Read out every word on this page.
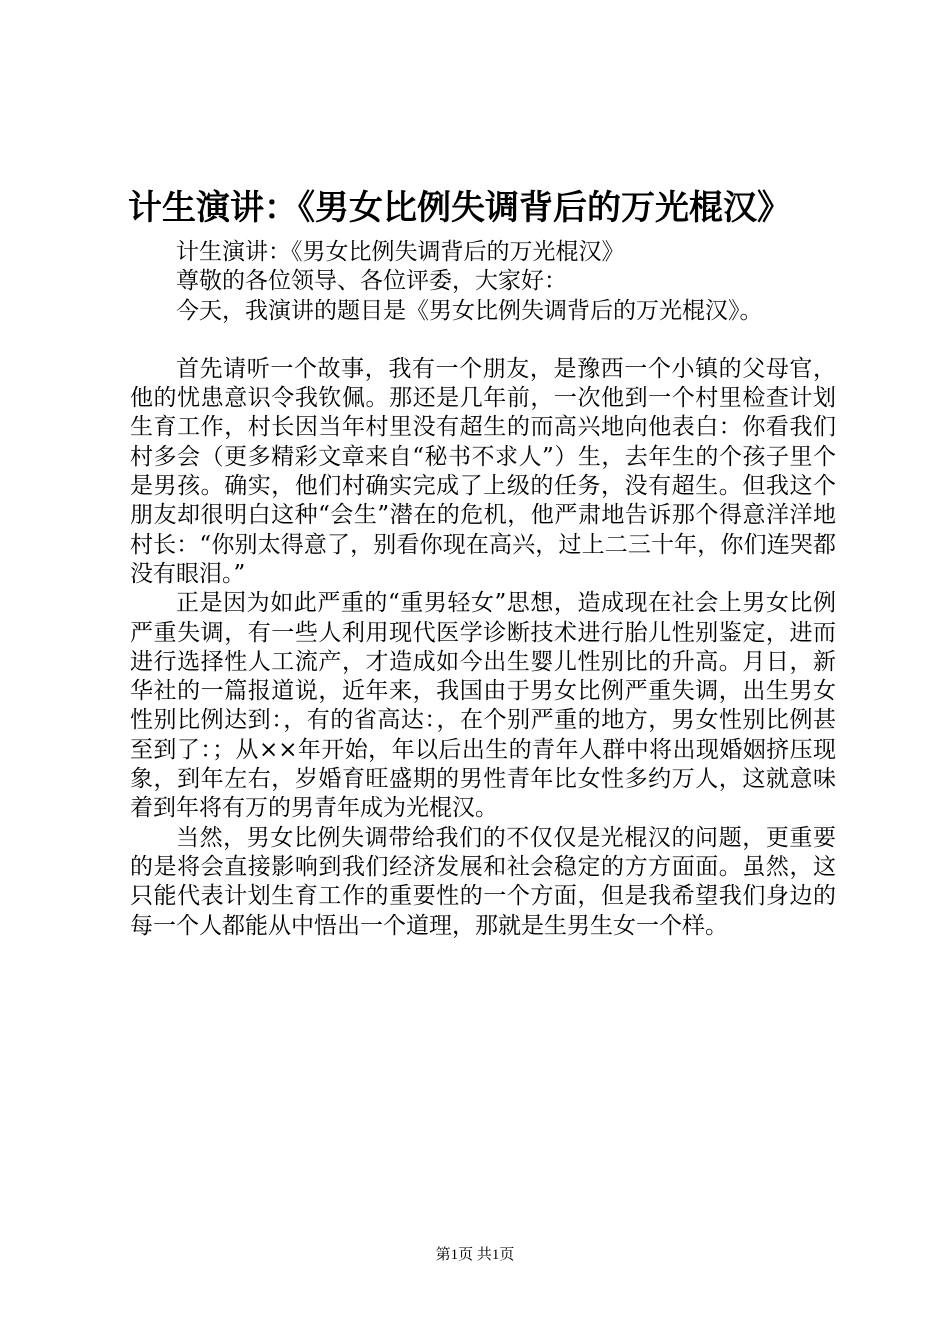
计生演讲：《男女比例失调背后的万光棍汉》

计生演讲：《男女比例失调背后的万光棍汉》

尊敬的各位领导、各位评委，大家好：

今天，我演讲的题目是《男女比例失调背后的万光棍汉》。

首先请听一个故事，我有一个朋友，是豫西一个小镇的父母官，他的忧患意识令我钦佩。那还是几年前，一次他到一个村里检查计划生育工作，村长因当年村里没有超生的而高兴地向他表白：你看我们村多会（更多精彩文章来自“秘书不求人”）生，去年生的个孩子里个是男孩。确实，他们村确实完成了上级的任务，没有超生。但我这个朋友却很明白这种“会生”潜在的危机，他严肃地告诉那个得意洋洋地村长：“你别太得意了，别看你现在高兴，过上二三十年，你们连哭都没有眼泪。”

正是因为如此严重的“重男轻女”思想，造成现在社会上男女比例严重失调，有一些人利用现代医学诊断技术进行胎儿性别鉴定，进而进行选择性人工流产，才造成如今出生婴儿性别比的升高。月日，新华社的一篇报道说，近年来，我国由于男女比例严重失调，出生男女性别比例达到：，有的省高达：，在个别严重的地方，男女性别比例甚至到了：；从××年开始，年以后出生的青年人群中将出现婚姻挤压现象，到年左右，岁婚育旺盛期的男性青年比女性多约万人，这就意味着到年将有万的男青年成为光棍汉。

当然，男女比例失调带给我们的不仅仅是光棍汉的问题，更重要的是将会直接影响到我们经济发展和社会稳定的方方面面。虽然，这只能代表计划生育工作的重要性的一个方面，但是我希望我们身边的每一个人都能从中悟出一个道理，那就是生男生女一个样。

第1页 共1页
